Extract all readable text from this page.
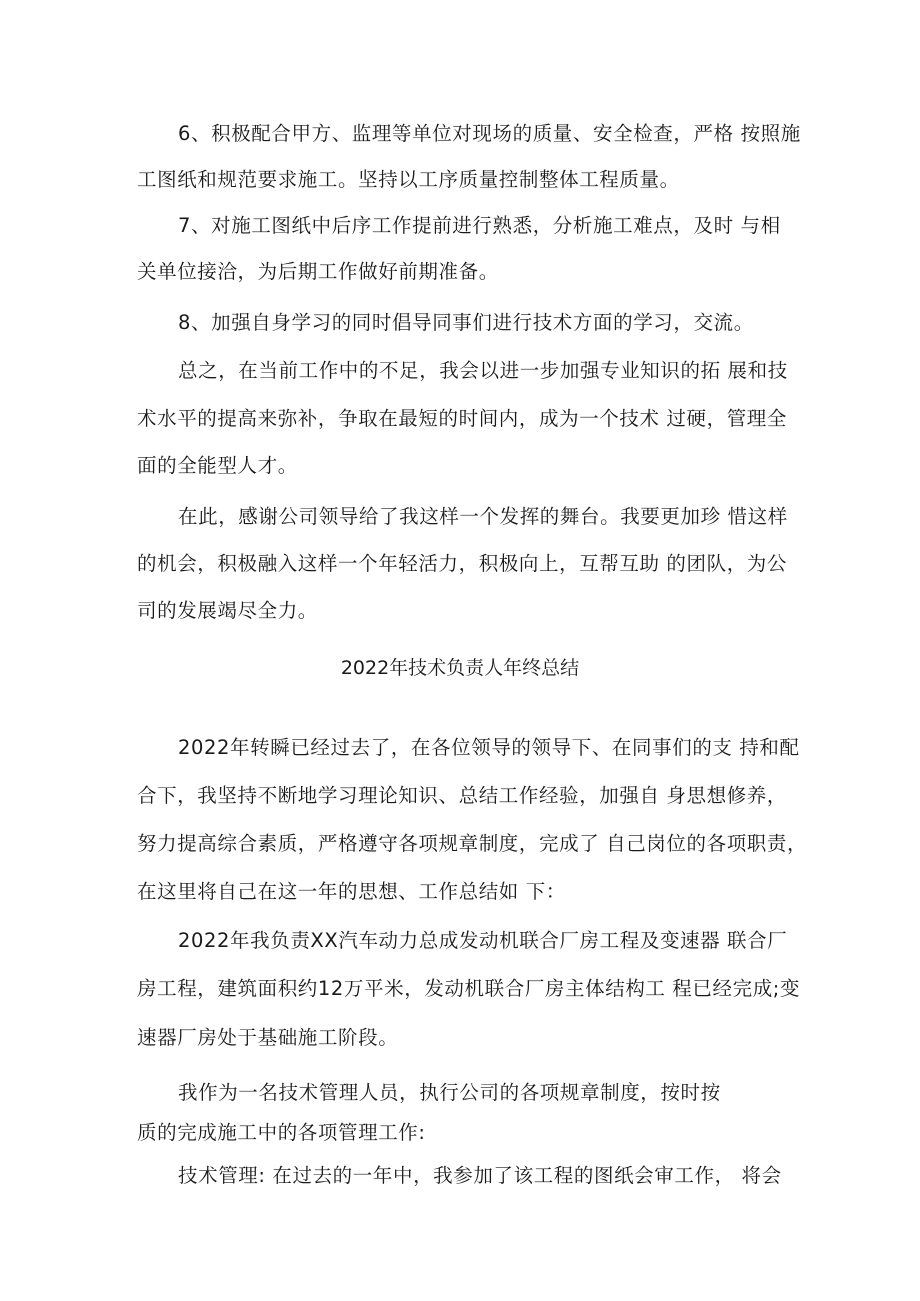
6、积极配合甲方、监理等单位对现场的质量、安全检查，严格 按照施
工图纸和规范要求施工。坚持以工序质量控制整体工程质量。
7、对施工图纸中后序工作提前进行熟悉，分析施工难点，及时 与相
关单位接洽，为后期工作做好前期准备。
8、加强自身学习的同时倡导同事们进行技术方面的学习，交流。
总之，在当前工作中的不足，我会以进一步加强专业知识的拓 展和技
术水平的提高来弥补，争取在最短的时间内，成为一个技术 过硬，管理全
面的全能型人才。
在此，感谢公司领导给了我这样一个发挥的舞台。我要更加珍 惜这样
的机会，积极融入这样一个年轻活力，积极向上，互帮互助 的团队，为公
司的发展竭尽全力。
2022年技术负责人年终总结
2022年转瞬已经过去了，在各位领导的领导下、在同事们的支 持和配
合下，我坚持不断地学习理论知识、总结工作经验，加强自 身思想修养，
努力提高综合素质，严格遵守各项规章制度，完成了 自己岗位的各项职责，
在这里将自己在这一年的思想、工作总结如 下：
2022年我负责XX汽车动力总成发动机联合厂房工程及变速器 联合厂
房工程，建筑面积约12万平米，发动机联合厂房主体结构工 程已经完成;变
速器厂房处于基础施工阶段。
我作为一名技术管理人员，执行公司的各项规章制度，按时按
质的完成施工中的各项管理工作:
技术管理: 在过去的一年中，我参加了该工程的图纸会审工作， 将会
